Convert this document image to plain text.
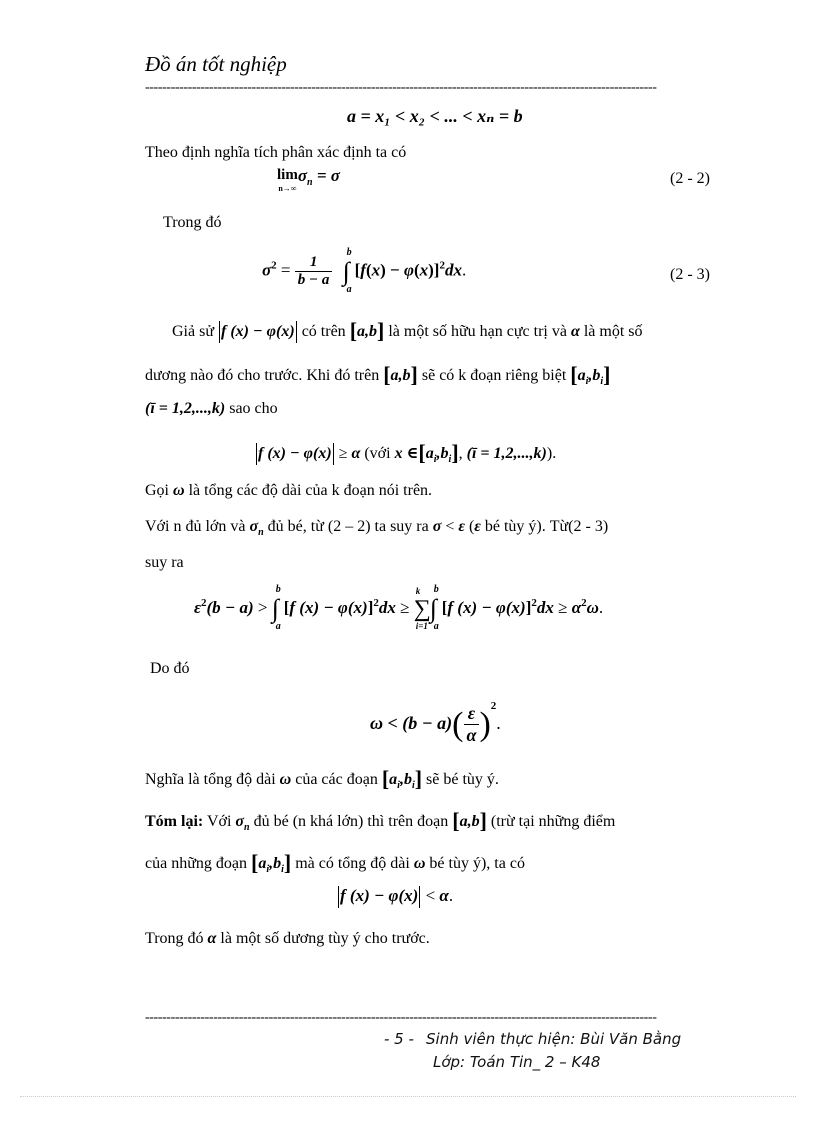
Đồ án tốt nghiệp
------------------------------------------------------------------------------------------------------------------------
a = x₁ < x₂ < ... < xₙ = b
Theo định nghĩa tích phân xác định ta có
lim
$^{n\to\infty}\sigma_n = \sigma$	(2 - 2)
Trong đó
$\sigma^2 = \frac{1}{b - a}$ ∫
b
a
$[f(x) - \varphi(x)]^2dx$.	(2 - 3)
Giả sử f (x) − φ(x) có trên [a,b] là một số hữu hạn cực trị và α là một số
dương nào đó cho trước. Khi đó trên [a,b] sẽ có k đoạn riêng biệt $[a_i,b_i]$
(ī = 1,2,...,k) sao cho
f (x) − φ(x) ≥ α (với x $\in[a_i,b_i]$, (ī = 1,2,...,k)).
Gọi ω là tổng các độ dài của k đoạn nói trên.
Với n đủ lớn và $\sigma_n$ đủ bé, từ (2 – 2) ta suy ra σ < ε (ε bé tùy ý). Từ(2 - 3)
suy ra
$\varepsilon^2(b - a)$ > ∫
b
a
[f (x) − φ(x)]$^2$dx ≥ ∑
k
i=1
∫
b
a
[f $(x) - \varphi(x)]^2dx \ge \alpha^2\omega$.
Do đó
$\omega < (b - a)( \frac{\varepsilon}{\alpha} )^2$.
Nghĩa là tổng độ dài ω của các đoạn $[a_i,b_i]$ sẽ bé tùy ý.
Tóm lại: Với $\sigma_n$ đủ bé (n khá lớn) thì trên đoạn [a,b] (trừ tại những điểm
của những đoạn $[a_i,b_i]$ mà có tổng độ dài ω bé tùy ý), ta có
f (x) − φ(x) < α.
Trong đó α là một số dương tùy ý cho trước.
------------------------------------------------------------------------------------------------------------------------
- 5 - Sinh viên thực hiện: Bùi Văn Bằng
Lớp: Toán Tin_ 2 – K48
